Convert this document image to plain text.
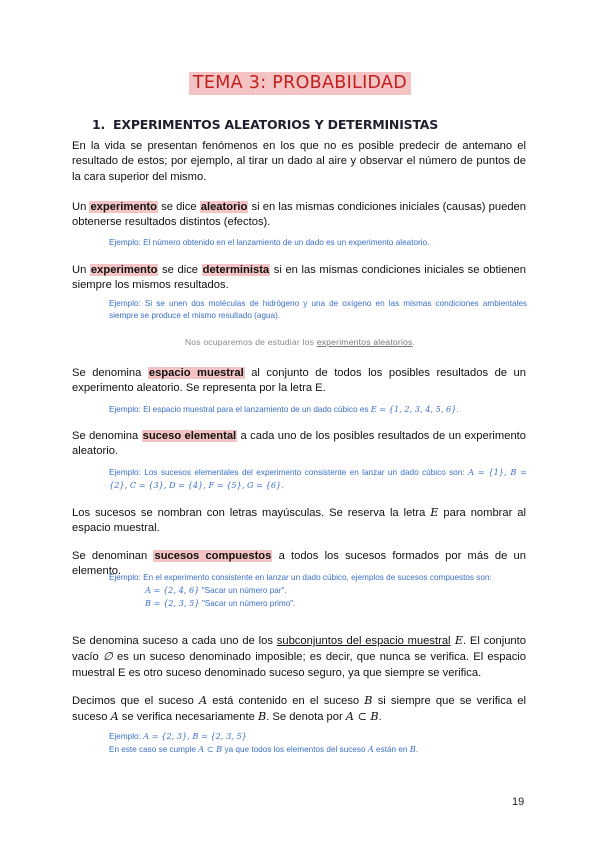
TEMA 3: PROBABILIDAD
1. EXPERIMENTOS ALEATORIOS Y DETERMINISTAS
En la vida se presentan fenómenos en los que no es posible predecir de antemano el resultado de estos; por ejemplo, al tirar un dado al aire y observar el número de puntos de la cara superior del mismo.
Un experimento se dice aleatorio si en las mismas condiciones iniciales (causas) pueden obtenerse resultados distintos (efectos).
Ejemplo: El número obtenido en el lanzamiento de un dado es un experimento aleatorio.
Un experimento se dice determinista si en las mismas condiciones iniciales se obtienen siempre los mismos resultados.
Ejemplo: Si se unen dos moléculas de hidrógeno y una de oxígeno en las mismas condiciones ambientales siempre se produce el mismo resultado (agua).
Nos ocuparemos de estudiar los experimentos aleatorios.
Se denomina espacio muestral al conjunto de todos los posibles resultados de un experimento aleatorio. Se representa por la letra E.
Ejemplo: El espacio muestral para el lanzamiento de un dado cúbico es E = {1, 2, 3, 4, 5, 6}.
Se denomina suceso elemental a cada uno de los posibles resultados de un experimento aleatorio.
Ejemplo: Los sucesos elementales del experimento consistente en lanzar un dado cúbico son: A = {1}, B = {2}, C = {3}, D = {4}, F = {5}, G = {6}.
Los sucesos se nombran con letras mayúsculas. Se reserva la letra E para nombrar al espacio muestral.
Se denominan sucesos compuestos a todos los sucesos formados por más de un elemento.
Ejemplo: En el experimento consistente en lanzar un dado cúbico, ejemplos de sucesos compuestos son:
A = {2, 4, 6} "Sacar un número par".
B = {2, 3, 5} "Sacar un número primo".
Se denomina suceso a cada uno de los subconjuntos del espacio muestral E. El conjunto vacío ∅ es un suceso denominado imposible; es decir, que nunca se verifica. El espacio muestral E es otro suceso denominado suceso seguro, ya que siempre se verifica.
Decimos que el suceso A está contenido en el suceso B si siempre que se verifica el suceso A se verifica necesariamente B. Se denota por A ⊂ B.
Ejemplo: A = {2, 3}, B = {2, 3, 5}
En este caso se cumple A ⊂ B ya que todos los elementos del suceso A están en B.
19
